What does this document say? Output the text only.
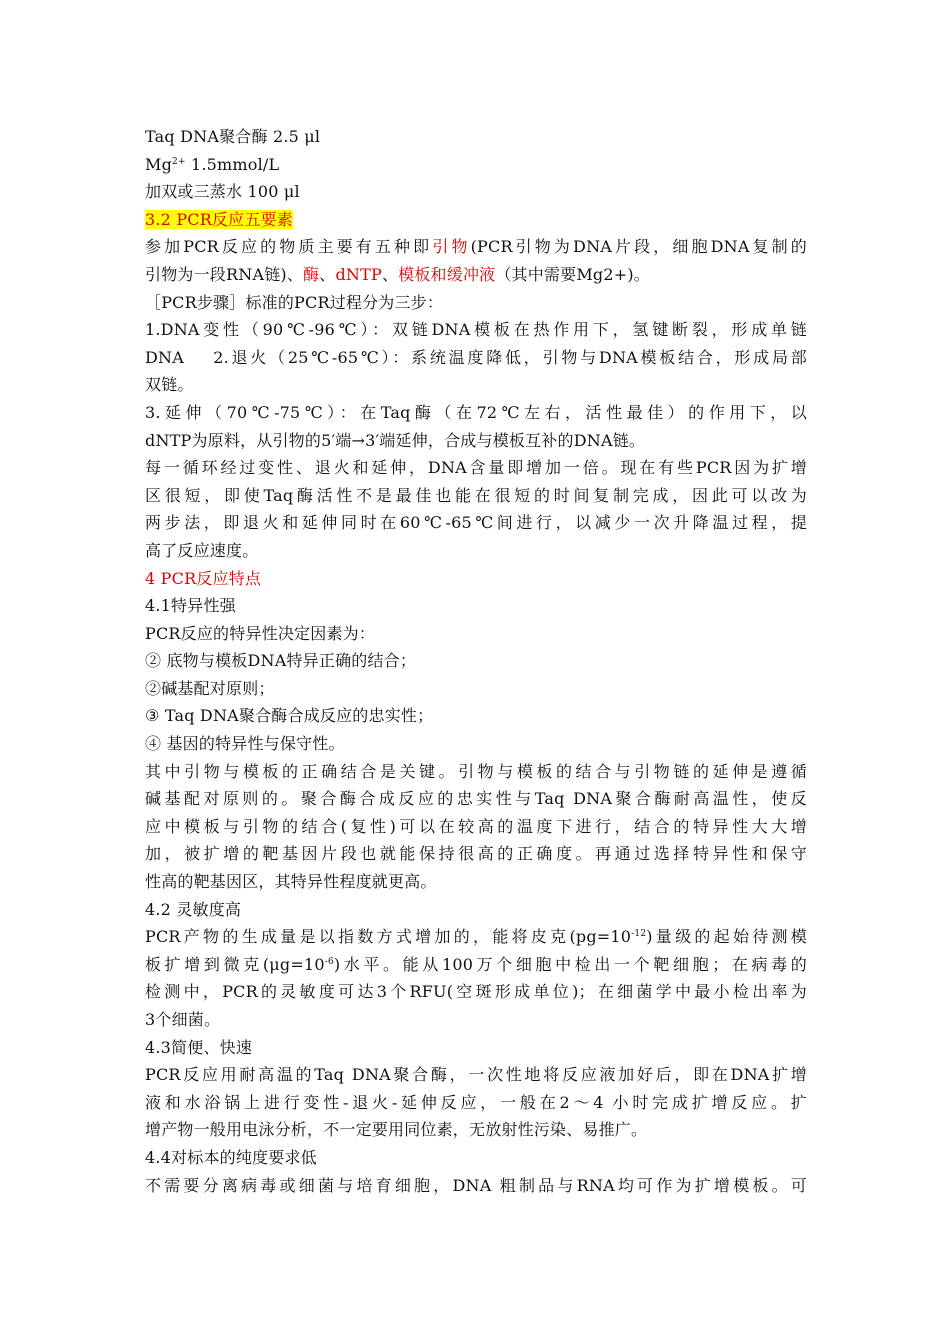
Taq DNA聚合酶 2.5 μl
$Mg^{2+}$ 1.5mmol/L
加双或三蒸水 100 μl
3.2 PCR反应五要素
参加PCR反应的物质主要有五种即引物(PCR引物为DNA片段，细胞DNA复制的
引物为一段RNA链)、酶、dNTP、模板和缓冲液（其中需要Mg2+)。
［PCR步骤］标准的PCR过程分为三步：
1.DNA变性（90℃-96℃）：双链DNA模板在热作用下，氢键断裂，形成单链
DNA　 2.退火（25℃-65℃）：系统温度降低，引物与DNA模板结合，形成局部
双链。
3.延伸（70℃-75℃）：在Taq酶（在72℃左右，活性最佳）的作用下，以
dNTP为原料，从引物的5′端→3′端延伸，合成与模板互补的DNA链。
每一循环经过变性、退火和延伸，DNA含量即增加一倍。现在有些PCR因为扩增
区很短，即使Taq酶活性不是最佳也能在很短的时间复制完成，因此可以改为
两步法，即退火和延伸同时在60℃-65℃间进行，以减少一次升降温过程，提
高了反应速度。
4 PCR反应特点
4.1特异性强
PCR反应的特异性决定因素为：
② 底物与模板DNA特异正确的结合；
②碱基配对原则；
③ Taq DNA聚合酶合成反应的忠实性；
④ 基因的特异性与保守性。
其中引物与模板的正确结合是关键。引物与模板的结合与引物链的延伸是遵循
碱基配对原则的。聚合酶合成反应的忠实性与Taq DNA聚合酶耐高温性，使反
应中模板与引物的结合(复性)可以在较高的温度下进行，结合的特异性大大增
加，被扩增的靶基因片段也就能保持很高的正确度。再通过选择特异性和保守
性高的靶基因区，其特异性程度就更高。
4.2 灵敏度高
PCR产物的生成量是以指数方式增加的，能将皮克$(pg=10^{-12})$量级的起始待测模
板扩增到微克$(\mu g=10^{-6})$水平。能从100万个细胞中检出一个靶细胞；在病毒的
检测中，PCR的灵敏度可达3个RFU(空斑形成单位)；在细菌学中最小检出率为
3个细菌。
4.3简便、快速
PCR反应用耐高温的Taq DNA聚合酶，一次性地将反应液加好后，即在DNA扩增
液和水浴锅上进行变性-退火-延伸反应，一般在2～4 小时完成扩增反应。扩
增产物一般用电泳分析，不一定要用同位素，无放射性污染、易推广。
4.4对标本的纯度要求低
不需要分离病毒或细菌与培育细胞，DNA 粗制品与RNA均可作为扩增模板。可
